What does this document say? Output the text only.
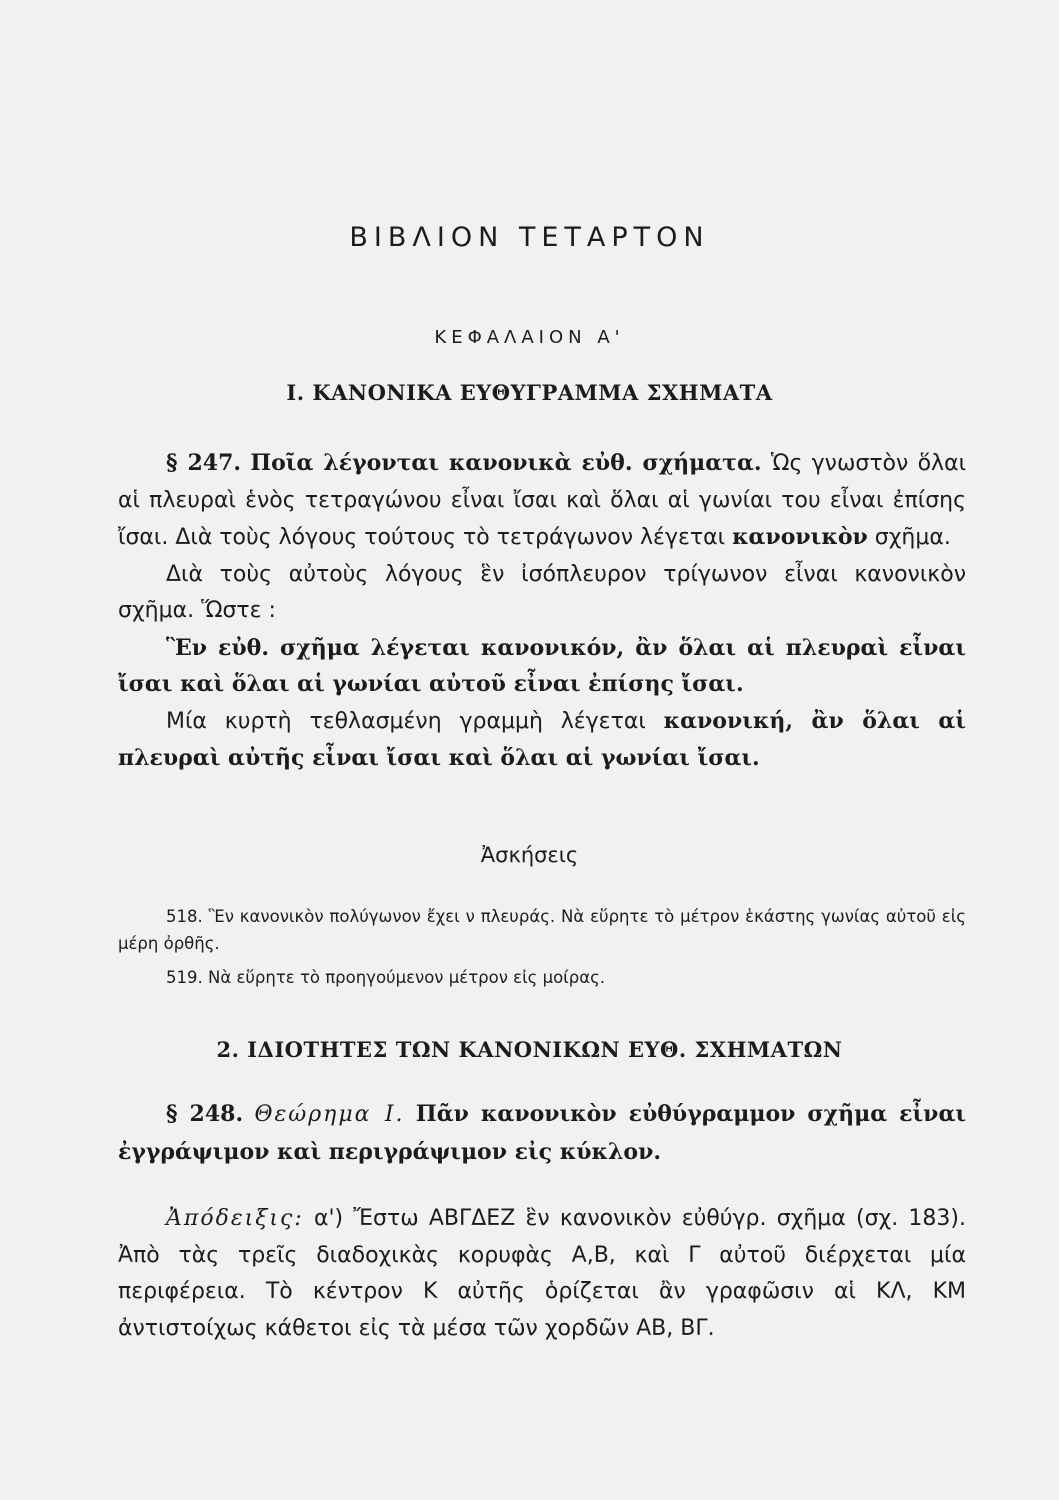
ΒΙΒΛΙΟΝ ΤΕΤΑΡΤΟΝ
ΚΕΦΑΛΑΙΟΝ Α'
Ι. ΚΑΝΟΝΙΚΑ ΕΥΘΥΓΡΑΜΜΑ ΣΧΗΜΑΤΑ
§ 247. Ποῖα λέγονται κανονικὰ εὐθ. σχήματα. Ὡς γνωστὸν ὅλαι αἱ πλευραὶ ἑνὸς τετραγώνου εἶναι ἴσαι καὶ ὅλαι αἱ γωνίαι του εἶναι ἐπίσης ἴσαι. Διὰ τοὺς λόγους τούτους τὸ τετράγωνον λέγεται κανονικὸν σχῆμα.
Διὰ τοὺς αὐτοὺς λόγους ἓν ἰσόπλευρον τρίγωνον εἶναι κανονικὸν σχῆμα. Ὥστε :
Ἓν εὐθ. σχῆμα λέγεται κανονικόν, ἂν ὅλαι αἱ πλευραὶ εἶναι ἴσαι καὶ ὅλαι αἱ γωνίαι αὐτοῦ εἶναι ἐπίσης ἴσαι.
Μία κυρτὴ τεθλασμένη γραμμὴ λέγεται κανονική, ἂν ὅλαι αἱ πλευραὶ αὐτῆς εἶναι ἴσαι καὶ ὅλαι αἱ γωνίαι ἴσαι.
Ἀσκήσεις
518. Ἓν κανονικὸν πολύγωνον ἔχει ν πλευράς. Νὰ εὕρητε τὸ μέτρον ἑκάστης γωνίας αὐτοῦ εἰς μέρη ὀρθῆς.
519. Νὰ εὕρητε τὸ προηγούμενον μέτρον εἰς μοίρας.
2. ΙΔΙΟΤΗΤΕΣ ΤΩΝ ΚΑΝΟΝΙΚΩΝ ΕΥΘ. ΣΧΗΜΑΤΩΝ
§ 248. Θεώρημα Ι. Πᾶν κανονικὸν εὐθύγραμμον σχῆμα εἶναι ἐγγράψιμον καὶ περιγράψιμον εἰς κύκλον.
Ἀπόδειξις: α') Ἔστω ΑΒΓΔΕΖ ἓν κανονικὸν εὐθύγρ. σχῆμα (σχ. 183). Ἀπὸ τὰς τρεῖς διαδοχικὰς κορυφὰς Α,Β, καὶ Γ αὐτοῦ διέρχεται μία περιφέρεια. Τὸ κέντρον Κ αὐτῆς ὁρίζεται ἂν γραφῶσιν αἱ ΚΛ, ΚΜ ἀντιστοίχως κάθετοι εἰς τὰ μέσα τῶν χορδῶν ΑΒ, ΒΓ.
